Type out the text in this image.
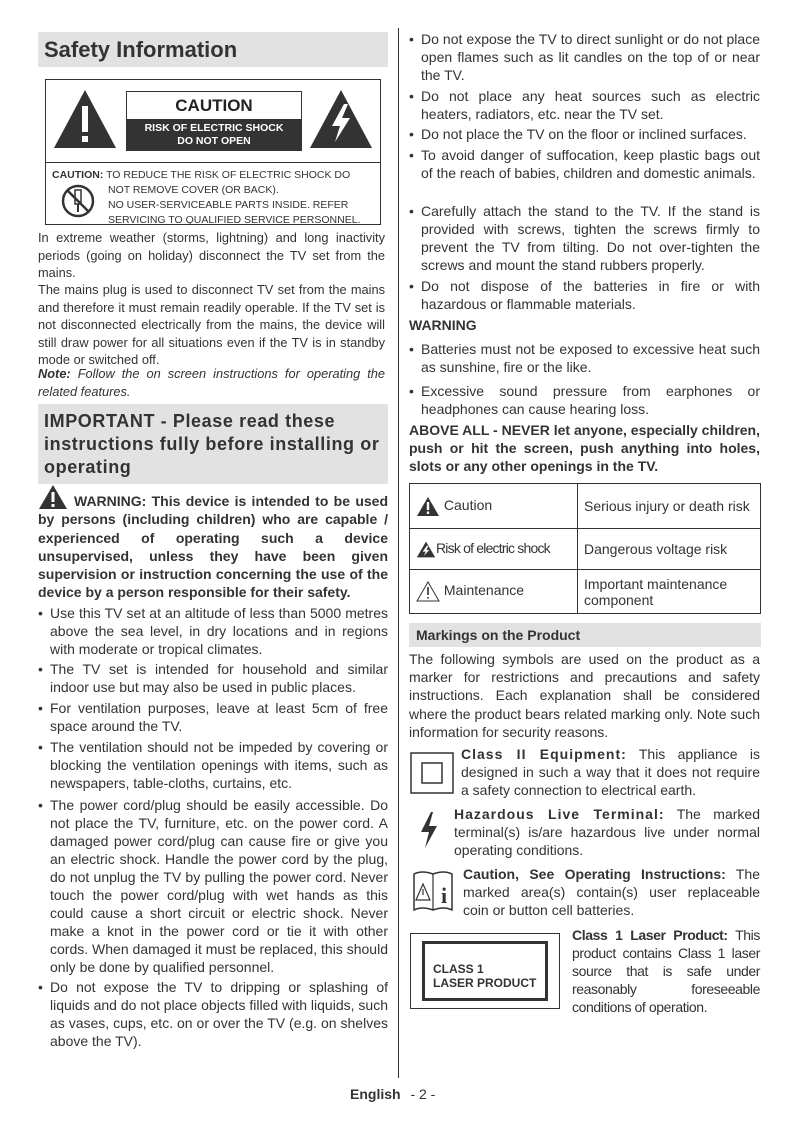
Safety Information
CAUTION
RISK OF ELECTRIC SHOCK
DO NOT OPEN
CAUTION: TO REDUCE THE RISK OF ELECTRIC SHOCK DO
NOT REMOVE COVER (OR BACK).
NO USER-SERVICEABLE PARTS INSIDE. REFER
SERVICING TO QUALIFIED SERVICE PERSONNEL.

In extreme weather (storms, lightning) and long inactivity periods (going on holiday) disconnect the TV set from the mains.

The mains plug is used to disconnect TV set from the mains and therefore it must remain readily operable. If the TV set is not disconnected electrically from the mains, the device will still draw power for all situations even if the TV is in standby mode or switched off.

Note: Follow the on screen instructions for operating the related features.

IMPORTANT - Please read these instructions fully before installing or operating

WARNING: This device is intended to be used by persons (including children) who are capable / experienced of operating such a device unsupervised, unless they have been given supervision or instruction concerning the use of the device by a person responsible for their safety.

• Use this TV set at an altitude of less than 5000 metres above the sea level, in dry locations and in regions with moderate or tropical climates.
• The TV set is intended for household and similar indoor use but may also be used in public places.
• For ventilation purposes, leave at least 5cm of free space around the TV.
• The ventilation should not be impeded by covering or blocking the ventilation openings with items, such as newspapers, table-cloths, curtains, etc.
• The power cord/plug should be easily accessible. Do not place the TV, furniture, etc. on the power cord. A damaged power cord/plug can cause fire or give you an electric shock. Handle the power cord by the plug, do not unplug the TV by pulling the power cord. Never touch the power cord/plug with wet hands as this could cause a short circuit or electric shock. Never make a knot in the power cord or tie it with other cords. When damaged it must be replaced, this should only be done by qualified personnel.
• Do not expose the TV to dripping or splashing of liquids and do not place objects filled with liquids, such as vases, cups, etc. on or over the TV (e.g. on shelves above the TV).
• Do not expose the TV to direct sunlight or do not place open flames such as lit candles on the top of or near the TV.
• Do not place any heat sources such as electric heaters, radiators, etc. near the TV set.
• Do not place the TV on the floor or inclined surfaces.
• To avoid danger of suffocation, keep plastic bags out of the reach of babies, children and domestic animals.
• Carefully attach the stand to the TV. If the stand is provided with screws, tighten the screws firmly to prevent the TV from tilting. Do not over-tighten the screws and mount the stand rubbers properly.
• Do not dispose of the batteries in fire or with hazardous or flammable materials.
WARNING
• Batteries must not be exposed to excessive heat such as sunshine, fire or the like.
• Excessive sound pressure from earphones or headphones can cause hearing loss.

ABOVE ALL - NEVER let anyone, especially children, push or hit the screen, push anything into holes, slots or any other openings in the TV.

Caution	Serious injury or death risk
Risk of electric shock	Dangerous voltage risk
Maintenance	Important maintenance component
Markings on the Product

The following symbols are used on the product as a marker for restrictions and precautions and safety instructions. Each explanation shall be considered where the product bears related marking only. Note such information for security reasons.

Class II Equipment: This appliance is designed in such a way that it does not require a safety connection to electrical earth.

Hazardous Live Terminal: The marked terminal(s) is/are hazardous live under normal operating conditions.

i

Caution, See Operating Instructions: The marked area(s) contain(s) user replaceable coin or button cell batteries.

CLASS 1
LASER PRODUCT

Class 1 Laser Product: This product contains Class 1 laser source that is safe under reasonably foreseeable conditions of operation.

English - 2 -
